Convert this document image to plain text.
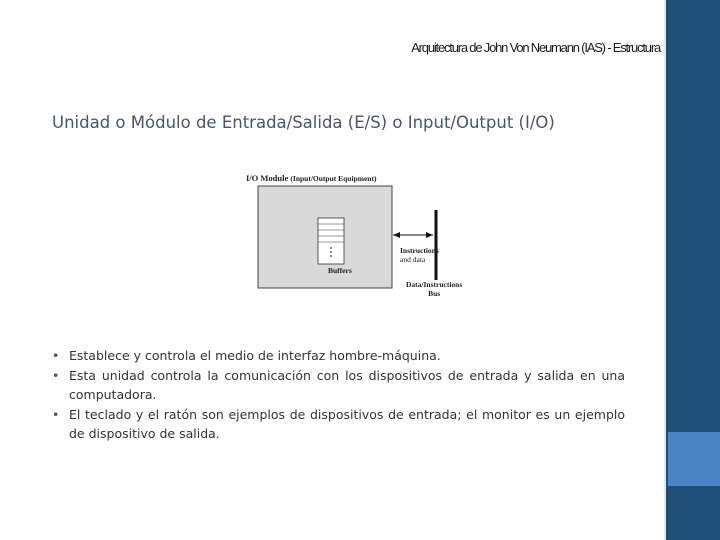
Arquitectura de John Von Neumann (IAS) - Estructura
Unidad o Módulo de Entrada/Salida (E/S) o Input/Output (I/O)
I/O Module (Input/Output Equipment)
Buffers
Instructions
and data
Data/Instructions
Bus
• Establece y controla el medio de interfaz hombre-máquina.
• Esta unidad controla la comunicación con los dispositivos de entrada y salida en una computadora.
• El teclado y el ratón son ejemplos de dispositivos de entrada; el monitor es un ejemplo de dispositivo de salida.
